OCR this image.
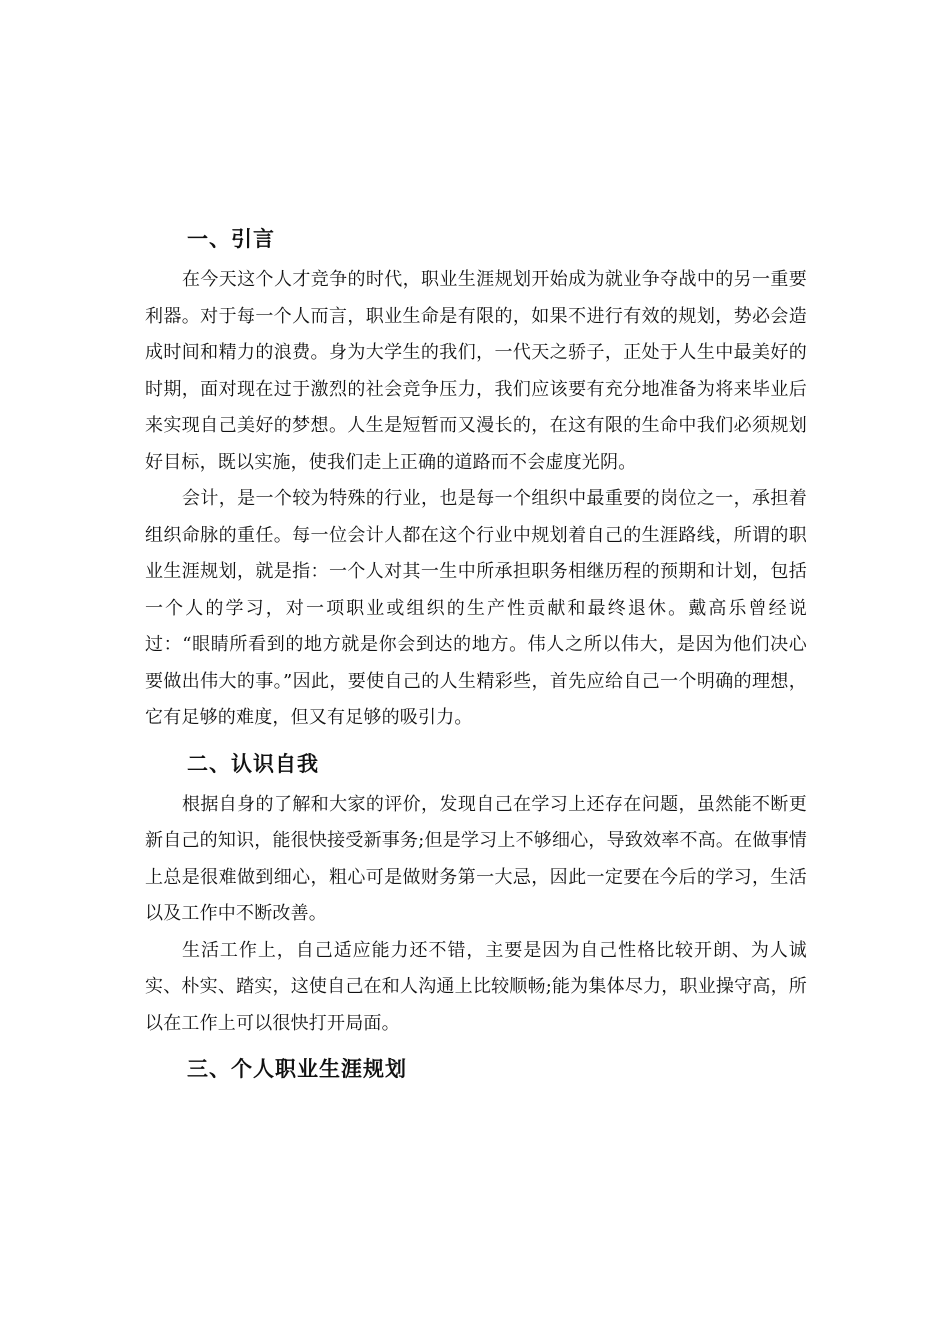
一、引言

在今天这个人才竞争的时代，职业生涯规划开始成为就业争夺战中的另一重要利器。对于每一个人而言，职业生命是有限的，如果不进行有效的规划，势必会造成时间和精力的浪费。身为大学生的我们，一代天之骄子，正处于人生中最美好的时期，面对现在过于激烈的社会竞争压力，我们应该要有充分地准备为将来毕业后来实现自己美好的梦想。人生是短暂而又漫长的，在这有限的生命中我们必须规划好目标，既以实施，使我们走上正确的道路而不会虚度光阴。

会计，是一个较为特殊的行业，也是每一个组织中最重要的岗位之一，承担着组织命脉的重任。每一位会计人都在这个行业中规划着自己的生涯路线，所谓的职业生涯规划，就是指：一个人对其一生中所承担职务相继历程的预期和计划，包括一个人的学习，对一项职业或组织的生产性贡献和最终退休。戴高乐曾经说过：“眼睛所看到的地方就是你会到达的地方。伟人之所以伟大，是因为他们决心要做出伟大的事。”因此，要使自己的人生精彩些，首先应给自己一个明确的理想，它有足够的难度，但又有足够的吸引力。

二、认识自我

根据自身的了解和大家的评价，发现自己在学习上还存在问题，虽然能不断更新自己的知识，能很快接受新事务;但是学习上不够细心，导致效率不高。在做事情上总是很难做到细心，粗心可是做财务第一大忌，因此一定要在今后的学习，生活以及工作中不断改善。

生活工作上，自己适应能力还不错，主要是因为自己性格比较开朗、为人诚实、朴实、踏实，这使自己在和人沟通上比较顺畅;能为集体尽力，职业操守高，所以在工作上可以很快打开局面。

三、个人职业生涯规划
